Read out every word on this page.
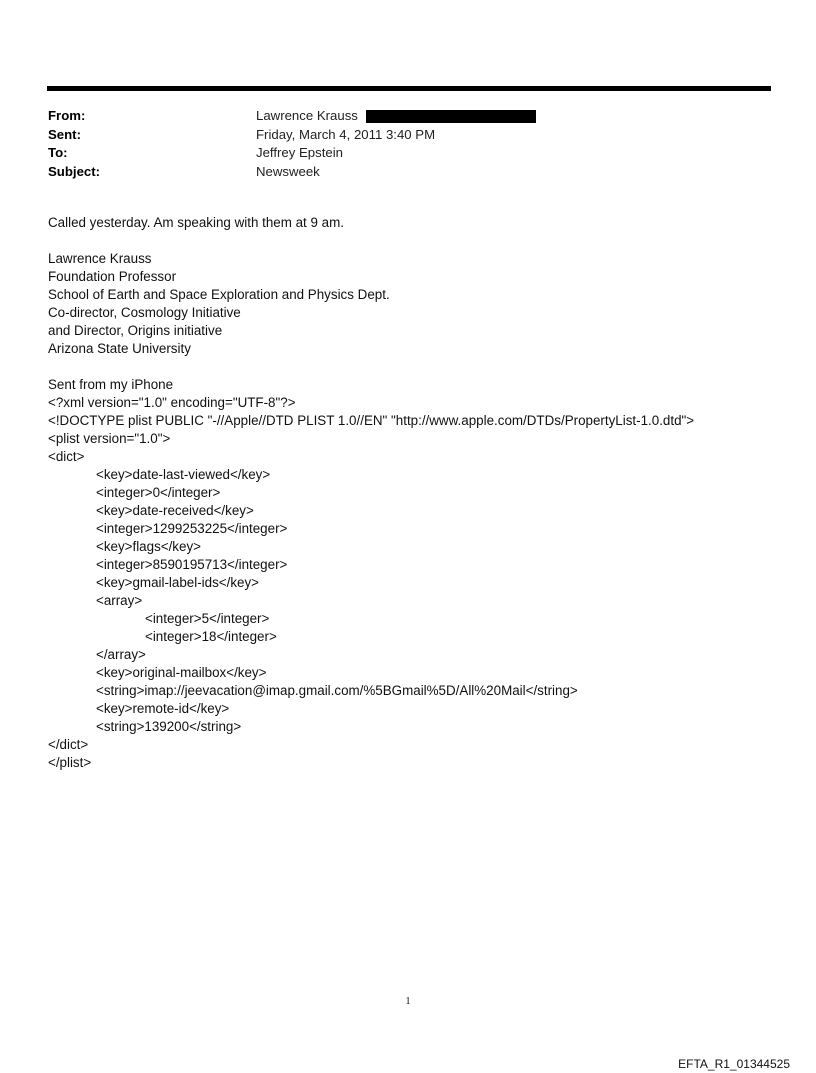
From:	Lawrence Krauss
Sent:	Friday, March 4, 2011 3:40 PM
To:	Jeffrey Epstein
Subject:	Newsweek
Called yesterday. Am speaking with them at 9 am.
Lawrence Krauss
Foundation Professor
School of Earth and Space Exploration and Physics Dept.
Co-director, Cosmology Initiative
and Director, Origins initiative
Arizona State University
Sent from my iPhone
<?xml version="1.0" encoding="UTF-8"?>
<!DOCTYPE plist PUBLIC "-//Apple//DTD PLIST 1.0//EN" "http://www.apple.com/DTDs/PropertyList-1.0.dtd">
<plist version="1.0">
<dict>
<key>date-last-viewed</key>
<integer>0</integer>
<key>date-received</key>
<integer>1299253225</integer>
<key>flags</key>
<integer>8590195713</integer>
<key>gmail-label-ids</key>
<array>
<integer>5</integer>
<integer>18</integer>
</array>
<key>original-mailbox</key>
<string>imap://jeevacation@imap.gmail.com/%5BGmail%5D/All%20Mail</string>
<key>remote-id</key>
<string>139200</string>
</dict>
</plist>
1
EFTA_R1_01344525
